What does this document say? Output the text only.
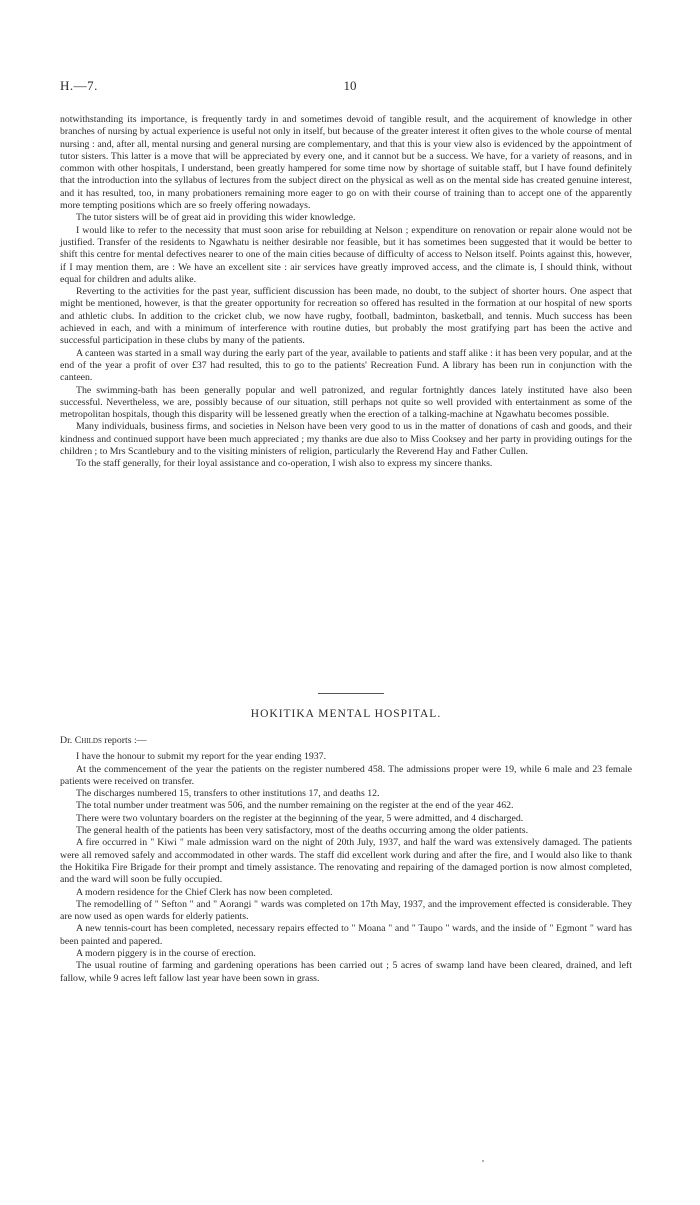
H.—7.	10

notwithstanding its importance, is frequently tardy in and sometimes devoid of tangible result, and the acquirement of knowledge in other branches of nursing by actual experience is useful not only in itself, but because of the greater interest it often gives to the whole course of mental nursing : and, after all, mental nursing and general nursing are complementary, and that this is your view also is evidenced by the appointment of tutor sisters. This latter is a move that will be appreciated by every one, and it cannot but be a success. We have, for a variety of reasons, and in common with other hospitals, I understand, been greatly hampered for some time now by shortage of suitable staff, but I have found definitely that the introduction into the syllabus of lectures from the subject direct on the physical as well as on the mental side has created genuine interest, and it has resulted, too, in many probationers remaining more eager to go on with their course of training than to accept one of the apparently more tempting positions which are so freely offering nowadays.

The tutor sisters will be of great aid in providing this wider knowledge.

I would like to refer to the necessity that must soon arise for rebuilding at Nelson ; expenditure on renovation or repair alone would not be justified. Transfer of the residents to Ngawhatu is neither desirable nor feasible, but it has sometimes been suggested that it would be better to shift this centre for mental defectives nearer to one of the main cities because of difficulty of access to Nelson itself. Points against this, however, if I may mention them, are : We have an excellent site : air services have greatly improved access, and the climate is, I should think, without equal for children and adults alike.

Reverting to the activities for the past year, sufficient discussion has been made, no doubt, to the subject of shorter hours. One aspect that might be mentioned, however, is that the greater opportunity for recreation so offered has resulted in the formation at our hospital of new sports and athletic clubs. In addition to the cricket club, we now have rugby, football, badminton, basketball, and tennis. Much success has been achieved in each, and with a minimum of interference with routine duties, but probably the most gratifying part has been the active and successful participation in these clubs by many of the patients.

A canteen was started in a small way during the early part of the year, available to patients and staff alike : it has been very popular, and at the end of the year a profit of over £37 had resulted, this to go to the patients' Recreation Fund. A library has been run in conjunction with the canteen.

The swimming-bath has been generally popular and well patronized, and regular fortnightly dances lately instituted have also been successful. Nevertheless, we are, possibly because of our situation, still perhaps not quite so well provided with entertainment as some of the metropolitan hospitals, though this disparity will be lessened greatly when the erection of a talking-machine at Ngawhatu becomes possible.

Many individuals, business firms, and societies in Nelson have been very good to us in the matter of donations of cash and goods, and their kindness and continued support have been much appreciated ; my thanks are due also to Miss Cooksey and her party in providing outings for the children ; to Mrs Scantlebury and to the visiting ministers of religion, particularly the Reverend Hay and Father Cullen.

To the staff generally, for their loyal assistance and co-operation, I wish also to express my sincere thanks.

HOKITIKA MENTAL HOSPITAL.

Dr. Childs reports :—

I have the honour to submit my report for the year ending 1937.

At the commencement of the year the patients on the register numbered 458. The admissions proper were 19, while 6 male and 23 female patients were received on transfer.

The discharges numbered 15, transfers to other institutions 17, and deaths 12.

The total number under treatment was 506, and the number remaining on the register at the end of the year 462.

There were two voluntary boarders on the register at the beginning of the year, 5 were admitted, and 4 discharged.

The general health of the patients has been very satisfactory, most of the deaths occurring among the older patients.

A fire occurred in " Kiwi " male admission ward on the night of 20th July, 1937, and half the ward was extensively damaged. The patients were all removed safely and accommodated in other wards. The staff did excellent work during and after the fire, and I would also like to thank the Hokitika Fire Brigade for their prompt and timely assistance. The renovating and repairing of the damaged portion is now almost completed, and the ward will soon be fully occupied.

A modern residence for the Chief Clerk has now been completed.

The remodelling of " Sefton " and " Aorangi " wards was completed on 17th May, 1937, and the improvement effected is considerable. They are now used as open wards for elderly patients.

A new tennis-court has been completed, necessary repairs effected to " Moana " and " Taupo " wards, and the inside of " Egmont " ward has been painted and papered.

A modern piggery is in the course of erection.

The usual routine of farming and gardening operations has been carried out ; 5 acres of swamp land have been cleared, drained, and left fallow, while 9 acres left fallow last year have been sown in grass.
